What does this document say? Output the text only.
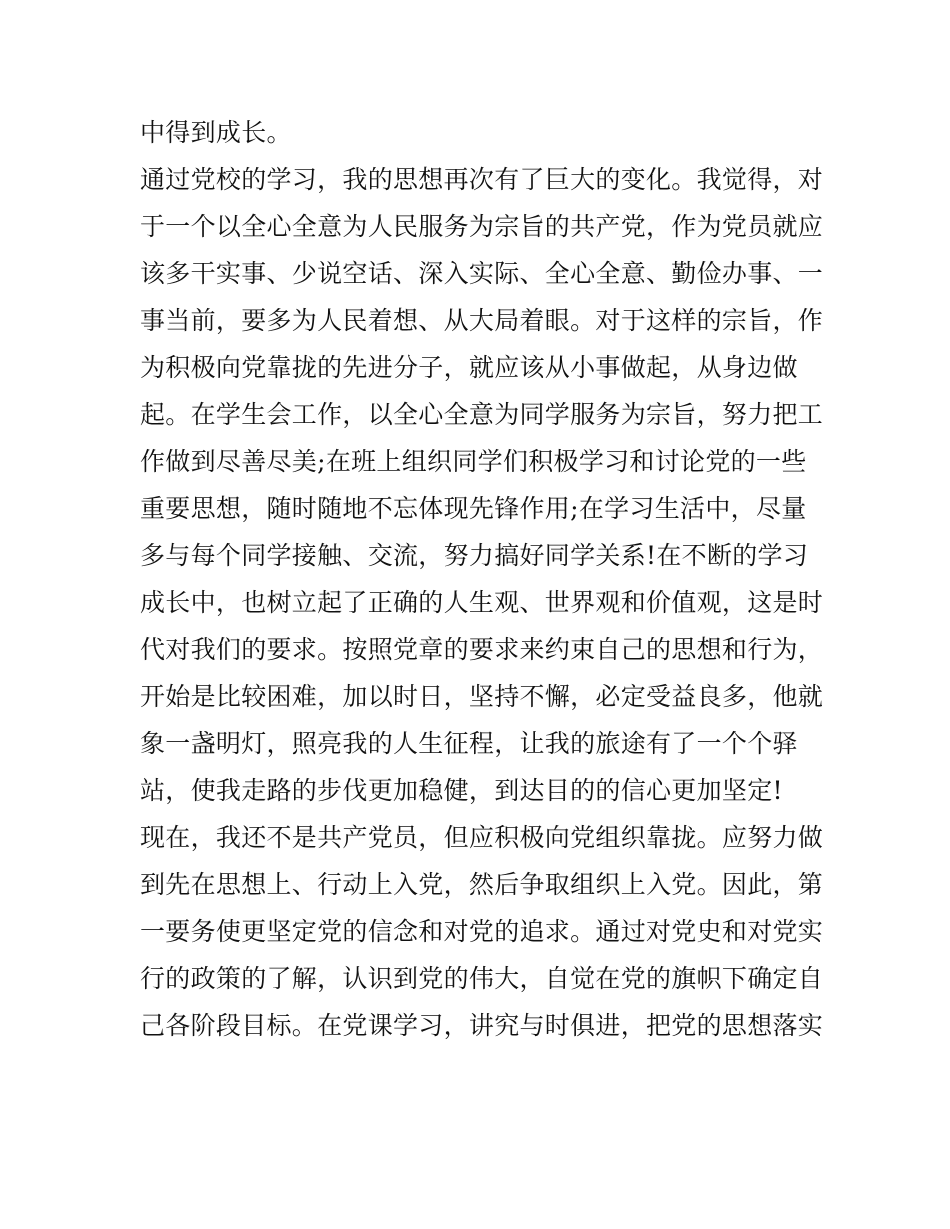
中得到成长。
通过党校的学习，我的思想再次有了巨大的变化。我觉得，对
于一个以全心全意为人民服务为宗旨的共产党，作为党员就应
该多干实事、少说空话、深入实际、全心全意、勤俭办事、一
事当前，要多为人民着想、从大局着眼。对于这样的宗旨，作
为积极向党靠拢的先进分子，就应该从小事做起，从身边做
起。在学生会工作，以全心全意为同学服务为宗旨，努力把工
作做到尽善尽美;在班上组织同学们积极学习和讨论党的一些
重要思想，随时随地不忘体现先锋作用;在学习生活中，尽量
多与每个同学接触、交流，努力搞好同学关系!在不断的学习
成长中，也树立起了正确的人生观、世界观和价值观，这是时
代对我们的要求。按照党章的要求来约束自己的思想和行为，
开始是比较困难，加以时日，坚持不懈，必定受益良多，他就
象一盏明灯，照亮我的人生征程，让我的旅途有了一个个驿
站，使我走路的步伐更加稳健，到达目的的信心更加坚定!
现在，我还不是共产党员，但应积极向党组织靠拢。应努力做
到先在思想上、行动上入党，然后争取组织上入党。因此，第
一要务使更坚定党的信念和对党的追求。通过对党史和对党实
行的政策的了解，认识到党的伟大，自觉在党的旗帜下确定自
己各阶段目标。在党课学习，讲究与时俱进，把党的思想落实
